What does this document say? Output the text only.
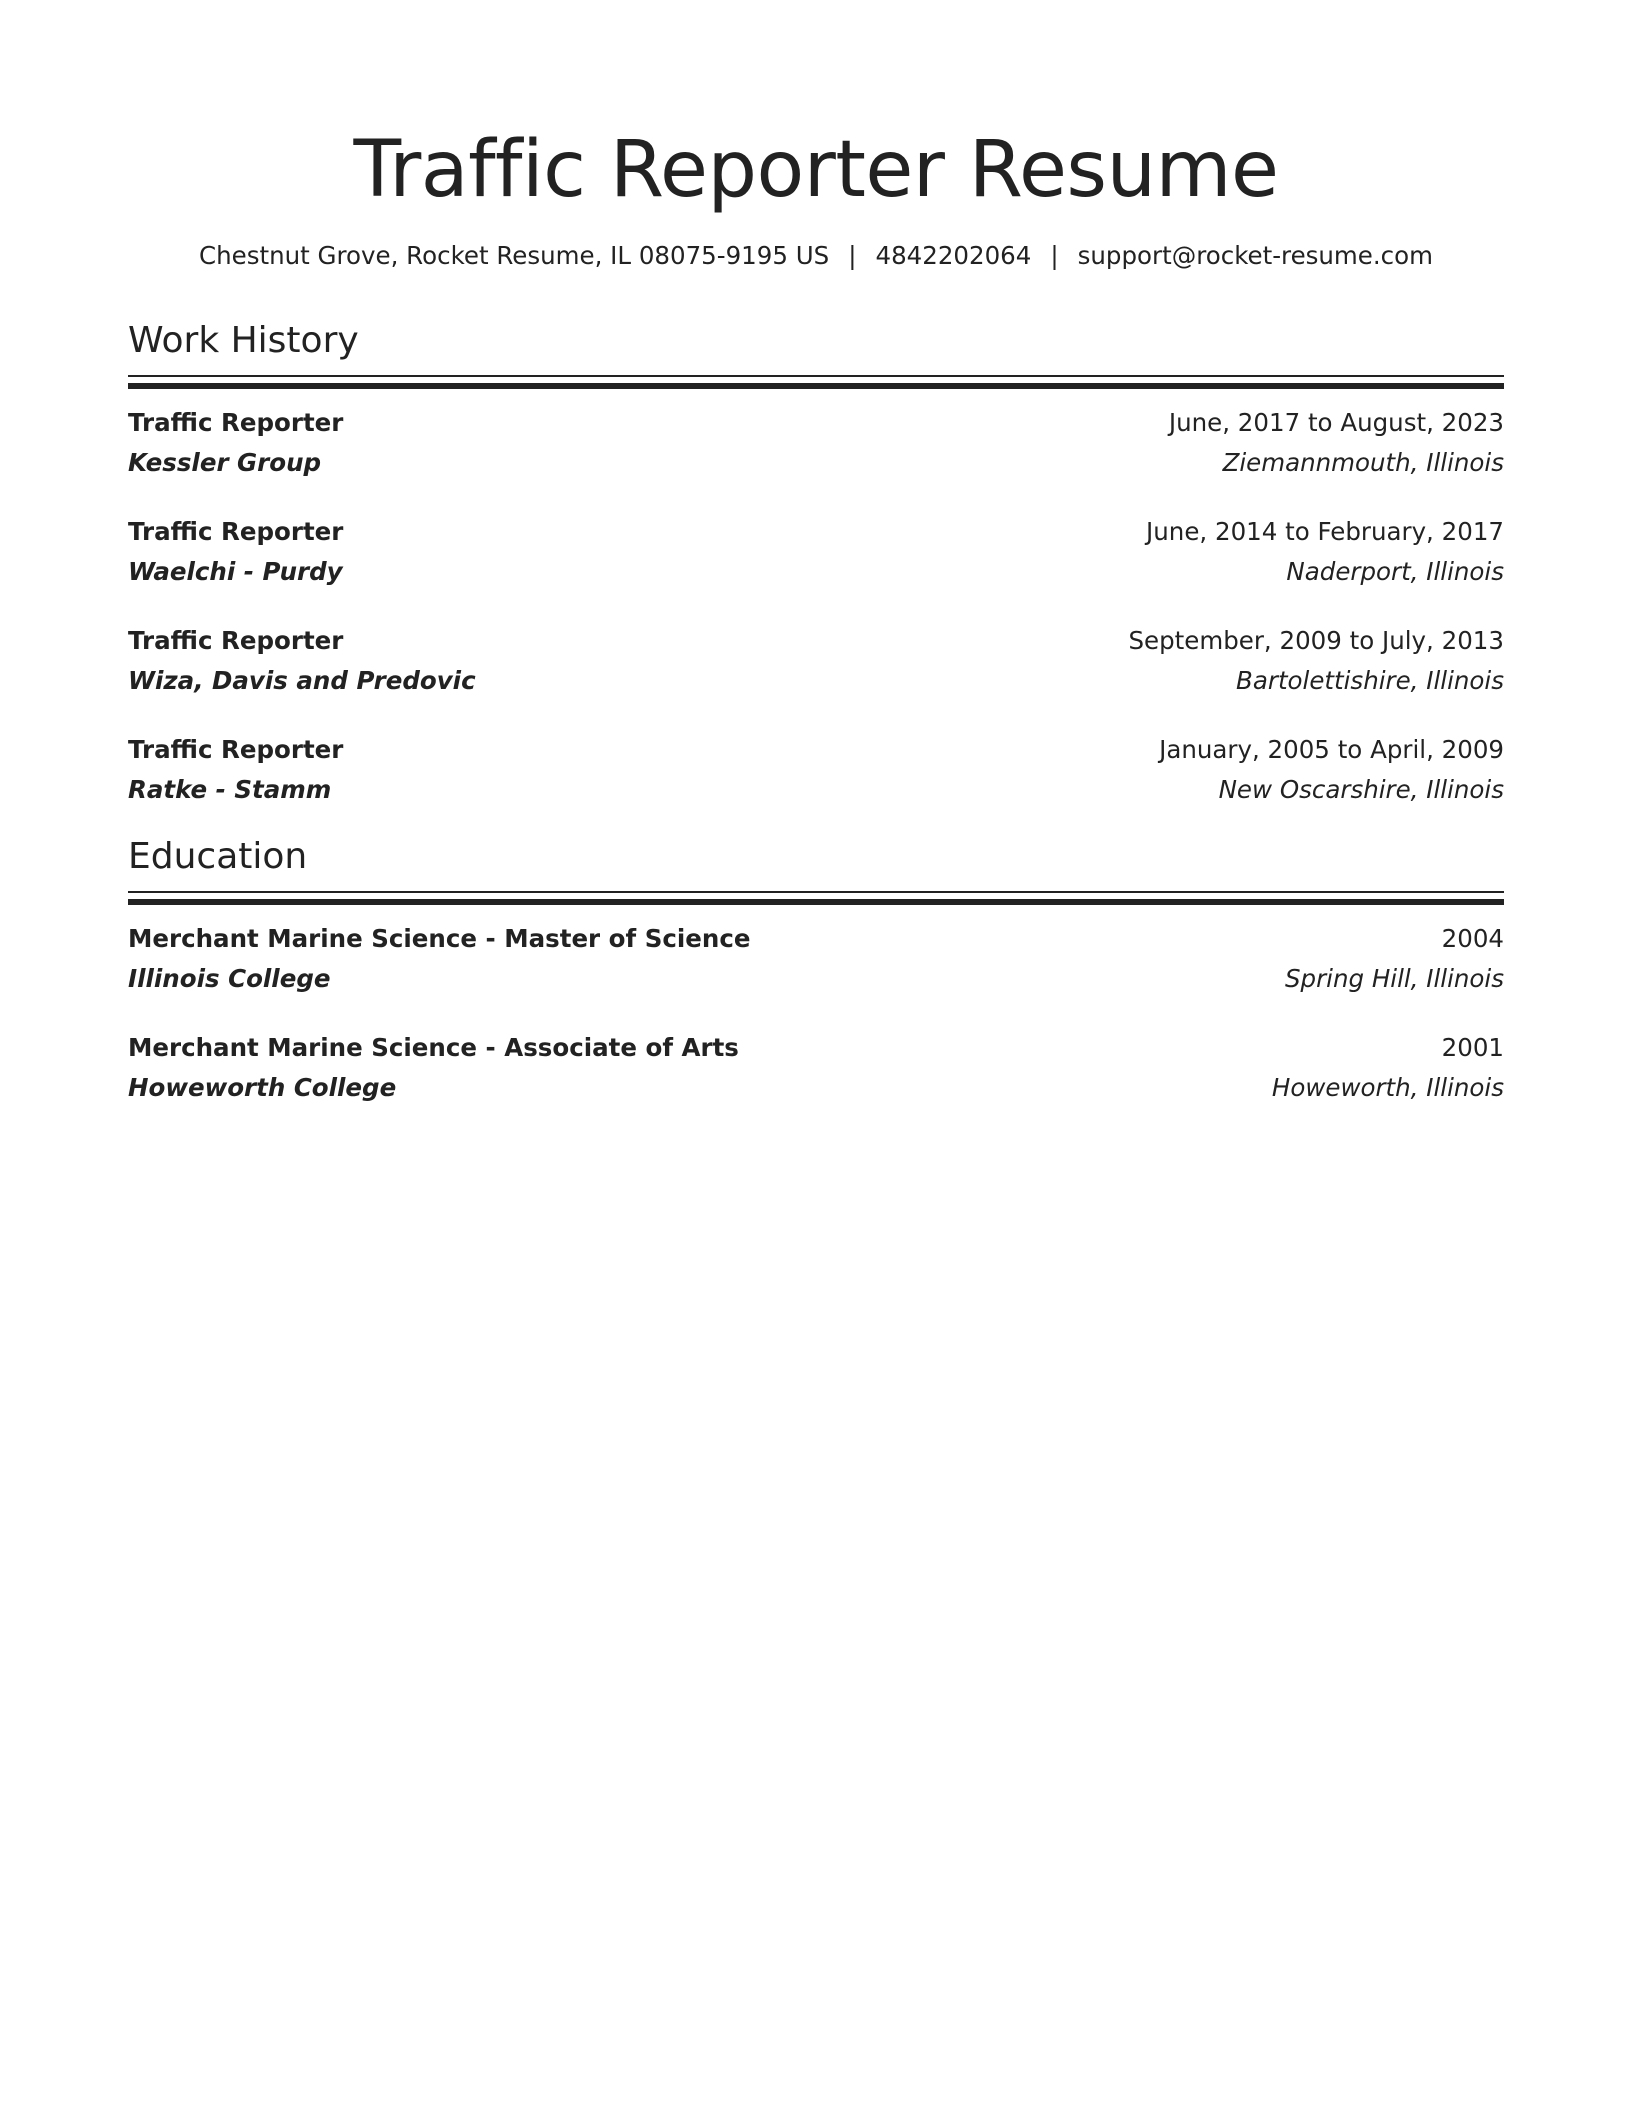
Traffic Reporter Resume
Chestnut Grove, Rocket Resume, IL 08075-9195 US | 4842202064 | support@rocket-resume.com
Work History
Traffic Reporter	June, 2017 to August, 2023
Kessler Group	Ziemannmouth, Illinois
Traffic Reporter	June, 2014 to February, 2017
Waelchi - Purdy	Naderport, Illinois
Traffic Reporter	September, 2009 to July, 2013
Wiza, Davis and Predovic	Bartolettishire, Illinois
Traffic Reporter	January, 2005 to April, 2009
Ratke - Stamm	New Oscarshire, Illinois
Education
Merchant Marine Science - Master of Science	2004
Illinois College	Spring Hill, Illinois
Merchant Marine Science - Associate of Arts	2001
Howeworth College	Howeworth, Illinois
